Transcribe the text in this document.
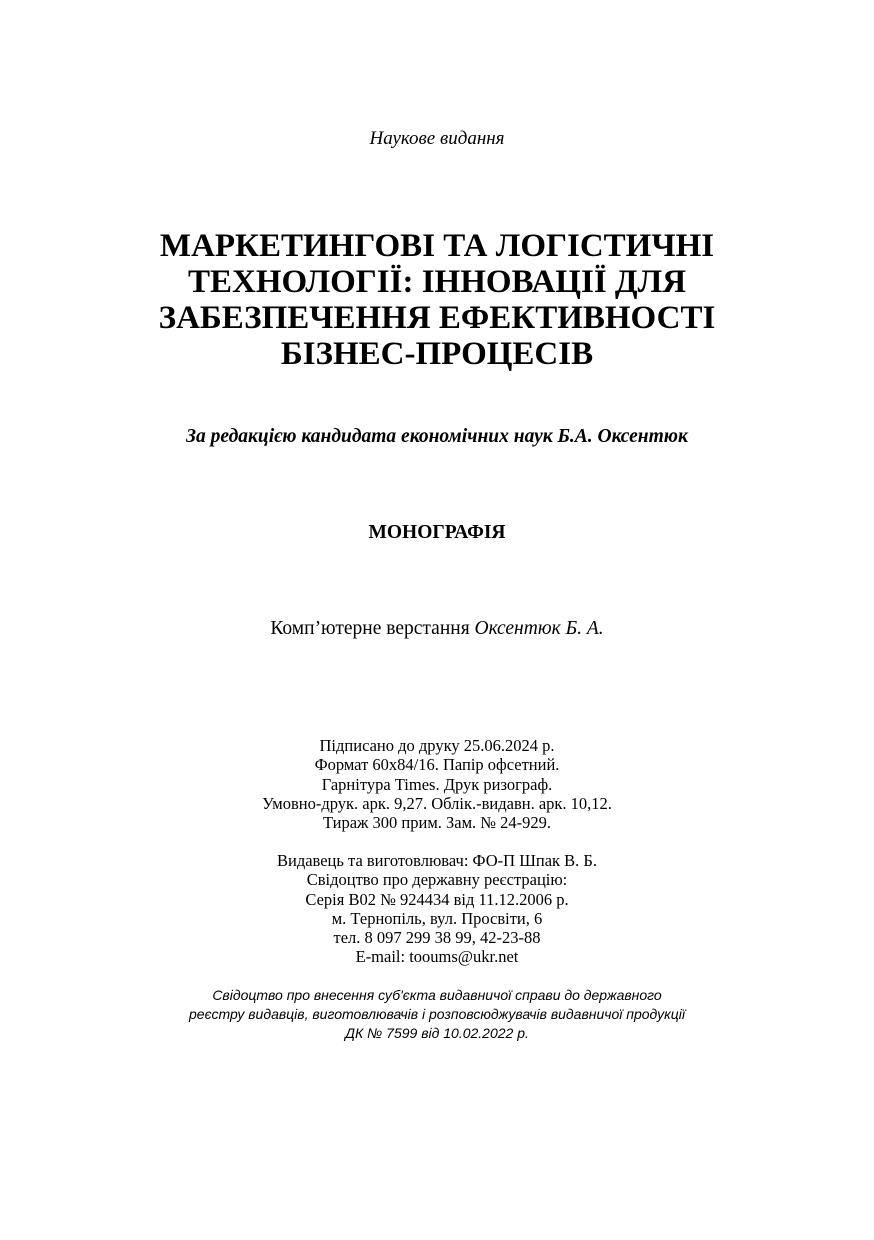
Наукове видання
МАРКЕТИНГОВІ ТА ЛОГІСТИЧНІ
ТЕХНОЛОГІЇ: ІННОВАЦІЇ ДЛЯ
ЗАБЕЗПЕЧЕННЯ ЕФЕКТИВНОСТІ
БІЗНЕС-ПРОЦЕСІВ
За редакцією кандидата економічних наук Б.А. Оксентюк
МОНОГРАФІЯ
Комп’ютерне верстання Оксентюк Б. А.
Підписано до друку 25.06.2024 р.
Формат 60х84/16. Папір офсетний.
Гарнітура Times. Друк ризограф.
Умовно-друк. арк. 9,27. Облік.-видавн. арк. 10,12.
Тираж 300 прим. Зам. № 24-929.
Видавець та виготовлювач: ФО-П Шпак В. Б.
Свідоцтво про державну реєстрацію:
Серія В02 № 924434 від 11.12.2006 р.
м. Тернопіль, вул. Просвіти, 6
тел. 8 097 299 38 99, 42-23-88
E-mail: tooums@ukr.net
Свідоцтво про внесення суб'єкта видавничої справи до державного
реєстру видавців, виготовлювачів і розповсюджувачів видавничої продукції
ДК № 7599 від 10.02.2022 р.
